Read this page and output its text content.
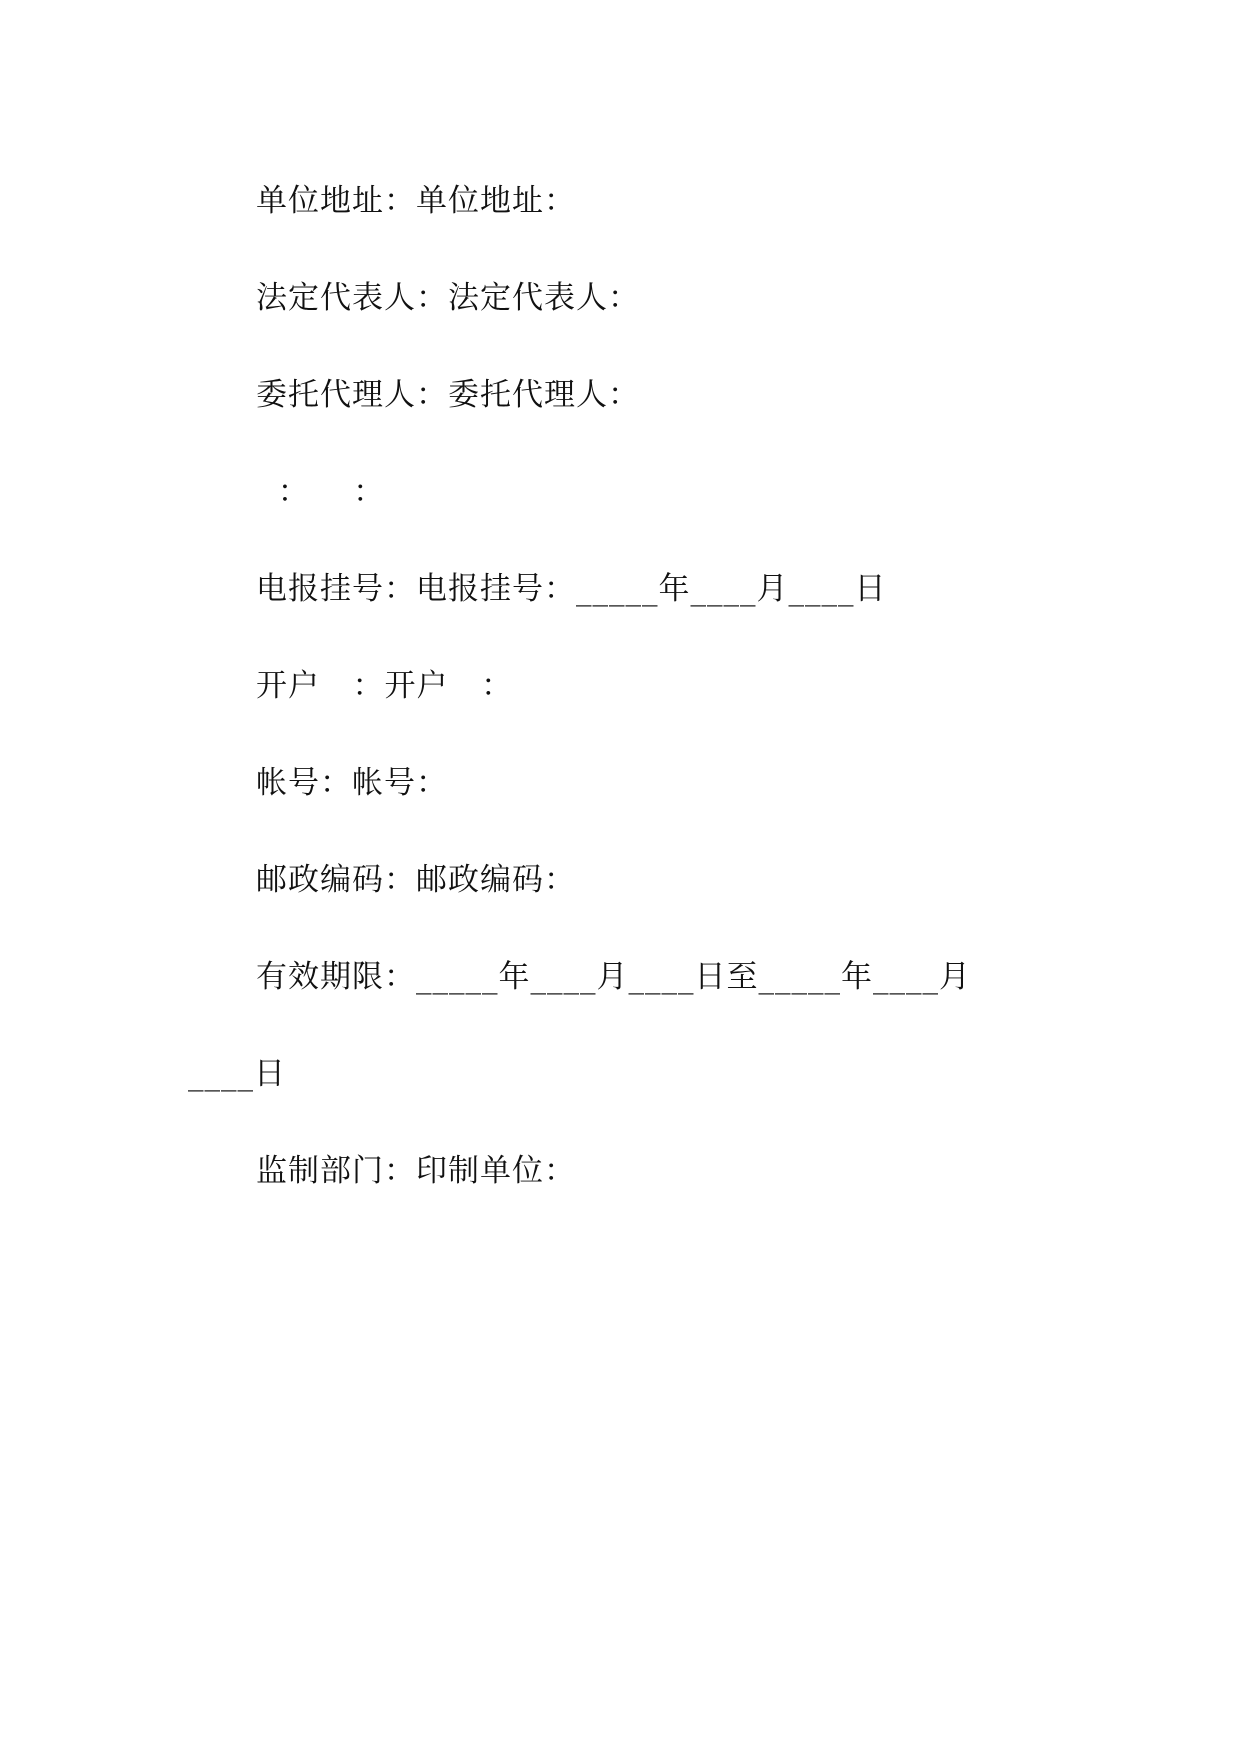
单位地址：单位地址：
法定代表人：法定代表人：
委托代理人：委托代理人：
：    ：
电报挂号：电报挂号：_____年____月____日
开户   ：开户   ：
帐号：帐号：
邮政编码：邮政编码：
有效期限：_____年____月____日至_____年____月
____日
监制部门：印制单位：
